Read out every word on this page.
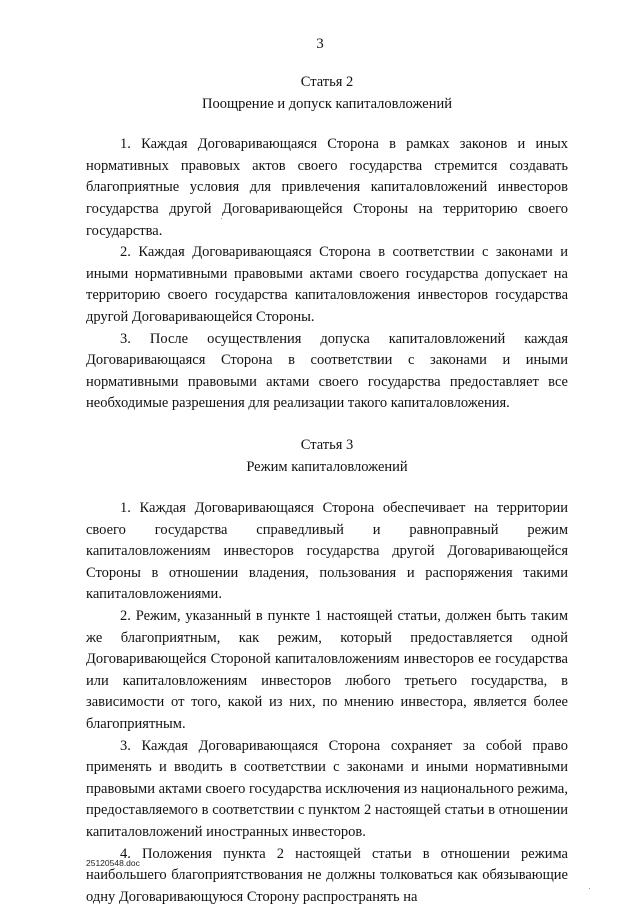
3
Статья 2
Поощрение и допуск капиталовложений

1. Каждая Договаривающаяся Сторона в рамках законов и иных нормативных правовых актов своего государства стремится создавать благоприятные условия для привлечения капиталовложений инвесторов государства другой Договаривающейся Стороны на территорию своего государства.

2. Каждая Договаривающаяся Сторона в соответствии с законами и иными нормативными правовыми актами своего государства допускает на территорию своего государства капиталовложения инвесторов государства другой Договаривающейся Стороны.

3. После осуществления допуска капиталовложений каждая Договаривающаяся Сторона в соответствии с законами и иными нормативными правовыми актами своего государства предоставляет все необходимые разрешения для реализации такого капиталовложения.

Статья 3
Режим капиталовложений

1. Каждая Договаривающаяся Сторона обеспечивает на территории своего государства справедливый и равноправный режим капиталовложениям инвесторов государства другой Договаривающейся Стороны в отношении владения, пользования и распоряжения такими капиталовложениями.

2. Режим, указанный в пункте 1 настоящей статьи, должен быть таким же благоприятным, как режим, который предоставляется одной Договаривающейся Стороной капиталовложениям инвесторов ее государства или капиталовложениям инвесторов любого третьего государства, в зависимости от того, какой из них, по мнению инвестора, является более благоприятным.

3. Каждая Договаривающаяся Сторона сохраняет за собой право применять и вводить в соответствии с законами и иными нормативными правовыми актами своего государства исключения из национального режима, предоставляемого в соответствии с пунктом 2 настоящей статьи в отношении капиталовложений иностранных инвесторов.

4. Положения пункта 2 настоящей статьи в отношении режима наибольшего благоприятствования не должны толковаться как обязывающие одну Договаривающуюся Сторону распространять на

25120548.doc
